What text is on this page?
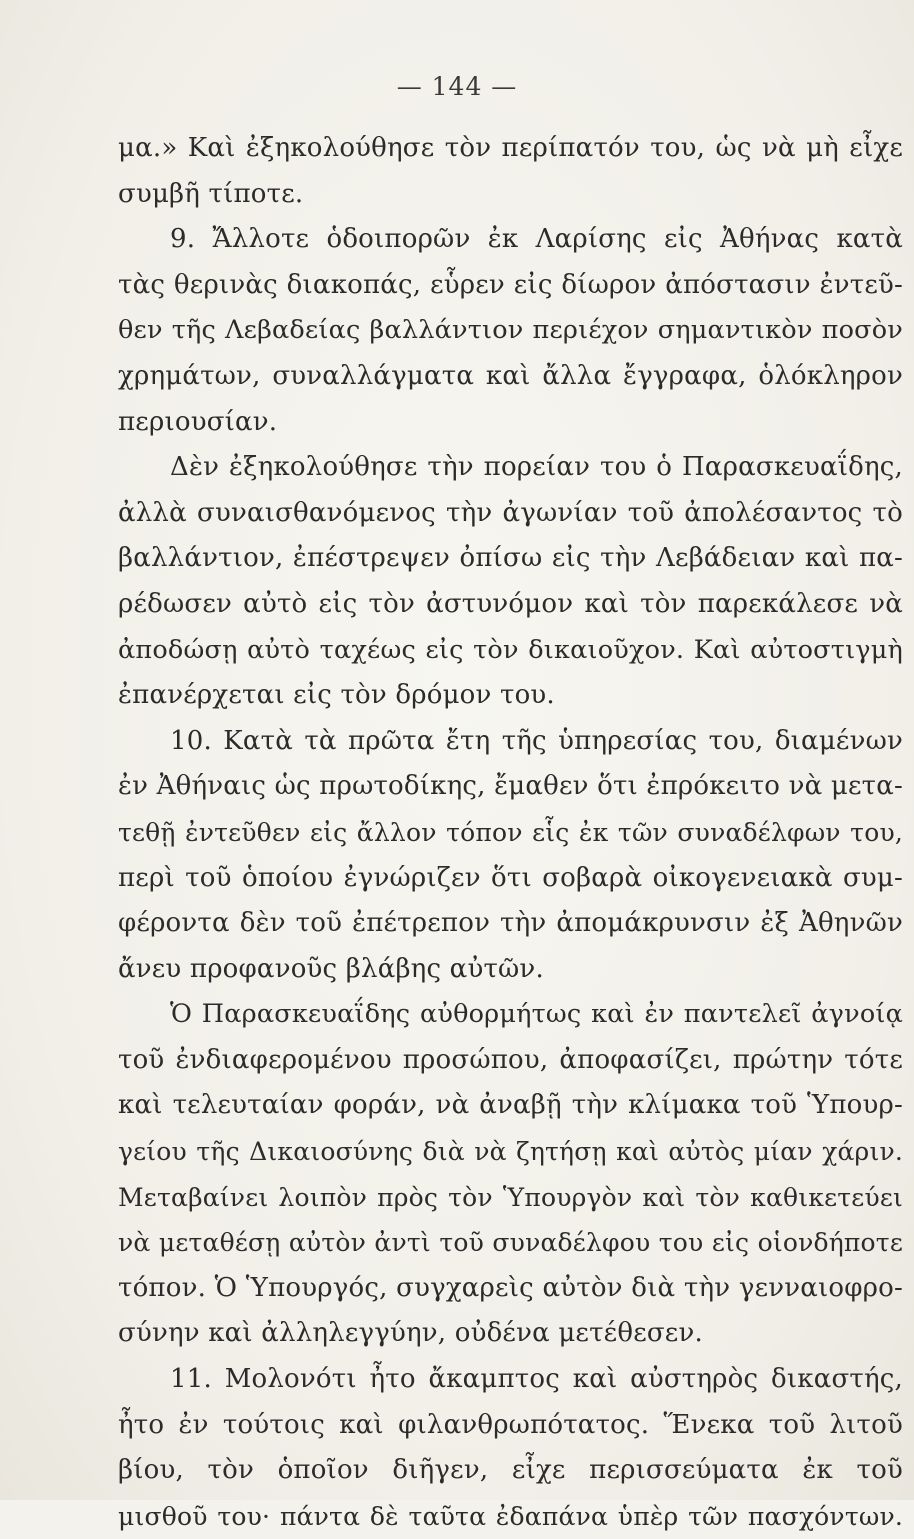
— 144 —
μα.» Καὶ ἐξηκολούθησε τὸν περίπατόν του, ὡς νὰ μὴ εἶχε
συμβῆ τίποτε.
9. Ἄλλοτε ὁδοιπορῶν ἐκ Λαρίσης εἰς Ἀθήνας κατὰ
τὰς θερινὰς διακοπάς, εὗρεν εἰς δίωρον ἀπόστασιν ἐντεῦ-
θεν τῆς Λεβαδείας βαλλάντιον περιέχον σημαντικὸν ποσὸν
χρημάτων, συναλλάγματα καὶ ἄλλα ἔγγραφα, ὁλόκληρον
περιουσίαν.
Δὲν ἐξηκολούθησε τὴν πορείαν του ὁ Παρασκευαΐδης,
ἀλλὰ συναισθανόμενος τὴν ἀγωνίαν τοῦ ἀπολέσαντος τὸ
βαλλάντιον, ἐπέστρεψεν ὀπίσω εἰς τὴν Λεβάδειαν καὶ πα-
ρέδωσεν αὐτὸ εἰς τὸν ἀστυνόμον καὶ τὸν παρεκάλεσε νὰ
ἀποδώσῃ αὐτὸ ταχέως εἰς τὸν δικαιοῦχον. Καὶ αὐτοστιγμὴ
ἐπανέρχεται εἰς τὸν δρόμον του.
10. Κατὰ τὰ πρῶτα ἔτη τῆς ὑπηρεσίας του, διαμένων
ἐν Ἀθήναις ὡς πρωτοδίκης, ἔμαθεν ὅτι ἐπρόκειτο νὰ μετα-
τεθῇ ἐντεῦθεν εἰς ἄλλον τόπον εἷς ἐκ τῶν συναδέλφων του,
περὶ τοῦ ὁποίου ἐγνώριζεν ὅτι σοβαρὰ οἰκογενειακὰ συμ-
φέροντα δὲν τοῦ ἐπέτρεπον τὴν ἀπομάκρυνσιν ἐξ Ἀθηνῶν
ἄνευ προφανοῦς βλάβης αὐτῶν.
Ὁ Παρασκευαΐδης αὐθορμήτως καὶ ἐν παντελεῖ ἀγνοίᾳ
τοῦ ἐνδιαφερομένου προσώπου, ἀποφασίζει, πρώτην τότε
καὶ τελευταίαν φοράν, νὰ ἀναβῇ τὴν κλίμακα τοῦ Ὑπουρ-
γείου τῆς Δικαιοσύνης διὰ νὰ ζητήσῃ καὶ αὐτὸς μίαν χάριν.
Μεταβαίνει λοιπὸν πρὸς τὸν Ὑπουργὸν καὶ τὸν καθικετεύει
νὰ μεταθέσῃ αὐτὸν ἀντὶ τοῦ συναδέλφου του εἰς οἱονδήποτε
τόπον. Ὁ Ὑπουργός, συγχαρεὶς αὐτὸν διὰ τὴν γενναιοφρο-
σύνην καὶ ἀλληλεγγύην, οὐδένα μετέθεσεν.
11. Μολονότι ἦτο ἄκαμπτος καὶ αὐστηρὸς δικαστής,
ἦτο ἐν τούτοις καὶ φιλανθρωπότατος. Ἕνεκα τοῦ λιτοῦ
βίου, τὸν ὁποῖον διῆγεν, εἶχε περισσεύματα ἐκ τοῦ
μισθοῦ του· πάντα δὲ ταῦτα ἐδαπάνα ὑπὲρ τῶν πασχόντων.
